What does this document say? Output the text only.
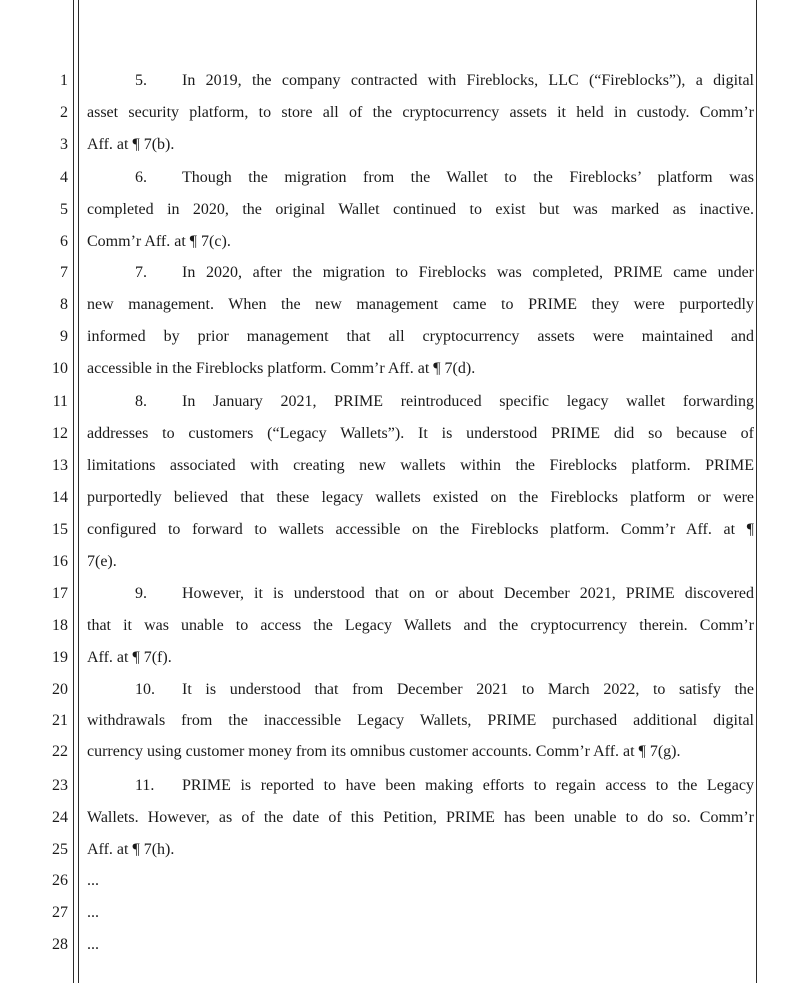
1
2
3
4
5
6
7
8
9
10
11
12
13
14
15
16
17
18
19
20
21
22
23
24
25
26
27
28
5. In 2019, the company contracted with Fireblocks, LLC (“Fireblocks”), a digital
asset security platform, to store all of the cryptocurrency assets it held in custody. Comm’r
Aff. at ¶ 7(b).
6. Though the migration from the Wallet to the Fireblocks’ platform was
completed in 2020, the original Wallet continued to exist but was marked as inactive.
Comm’r Aff. at ¶ 7(c).
7. In 2020, after the migration to Fireblocks was completed, PRIME came under
new management. When the new management came to PRIME they were purportedly
informed by prior management that all cryptocurrency assets were maintained and
accessible in the Fireblocks platform. Comm’r Aff. at ¶ 7(d).
8. In January 2021, PRIME reintroduced specific legacy wallet forwarding
addresses to customers (“Legacy Wallets”). It is understood PRIME did so because of
limitations associated with creating new wallets within the Fireblocks platform. PRIME
purportedly believed that these legacy wallets existed on the Fireblocks platform or were
configured to forward to wallets accessible on the Fireblocks platform. Comm’r Aff. at ¶
7(e).
9. However, it is understood that on or about December 2021, PRIME discovered
that it was unable to access the Legacy Wallets and the cryptocurrency therein. Comm’r
Aff. at ¶ 7(f).
10. It is understood that from December 2021 to March 2022, to satisfy the
withdrawals from the inaccessible Legacy Wallets, PRIME purchased additional digital
currency using customer money from its omnibus customer accounts. Comm’r Aff. at ¶ 7(g).
11. PRIME is reported to have been making efforts to regain access to the Legacy
Wallets. However, as of the date of this Petition, PRIME has been unable to do so. Comm’r
Aff. at ¶ 7(h).
...
...
...
